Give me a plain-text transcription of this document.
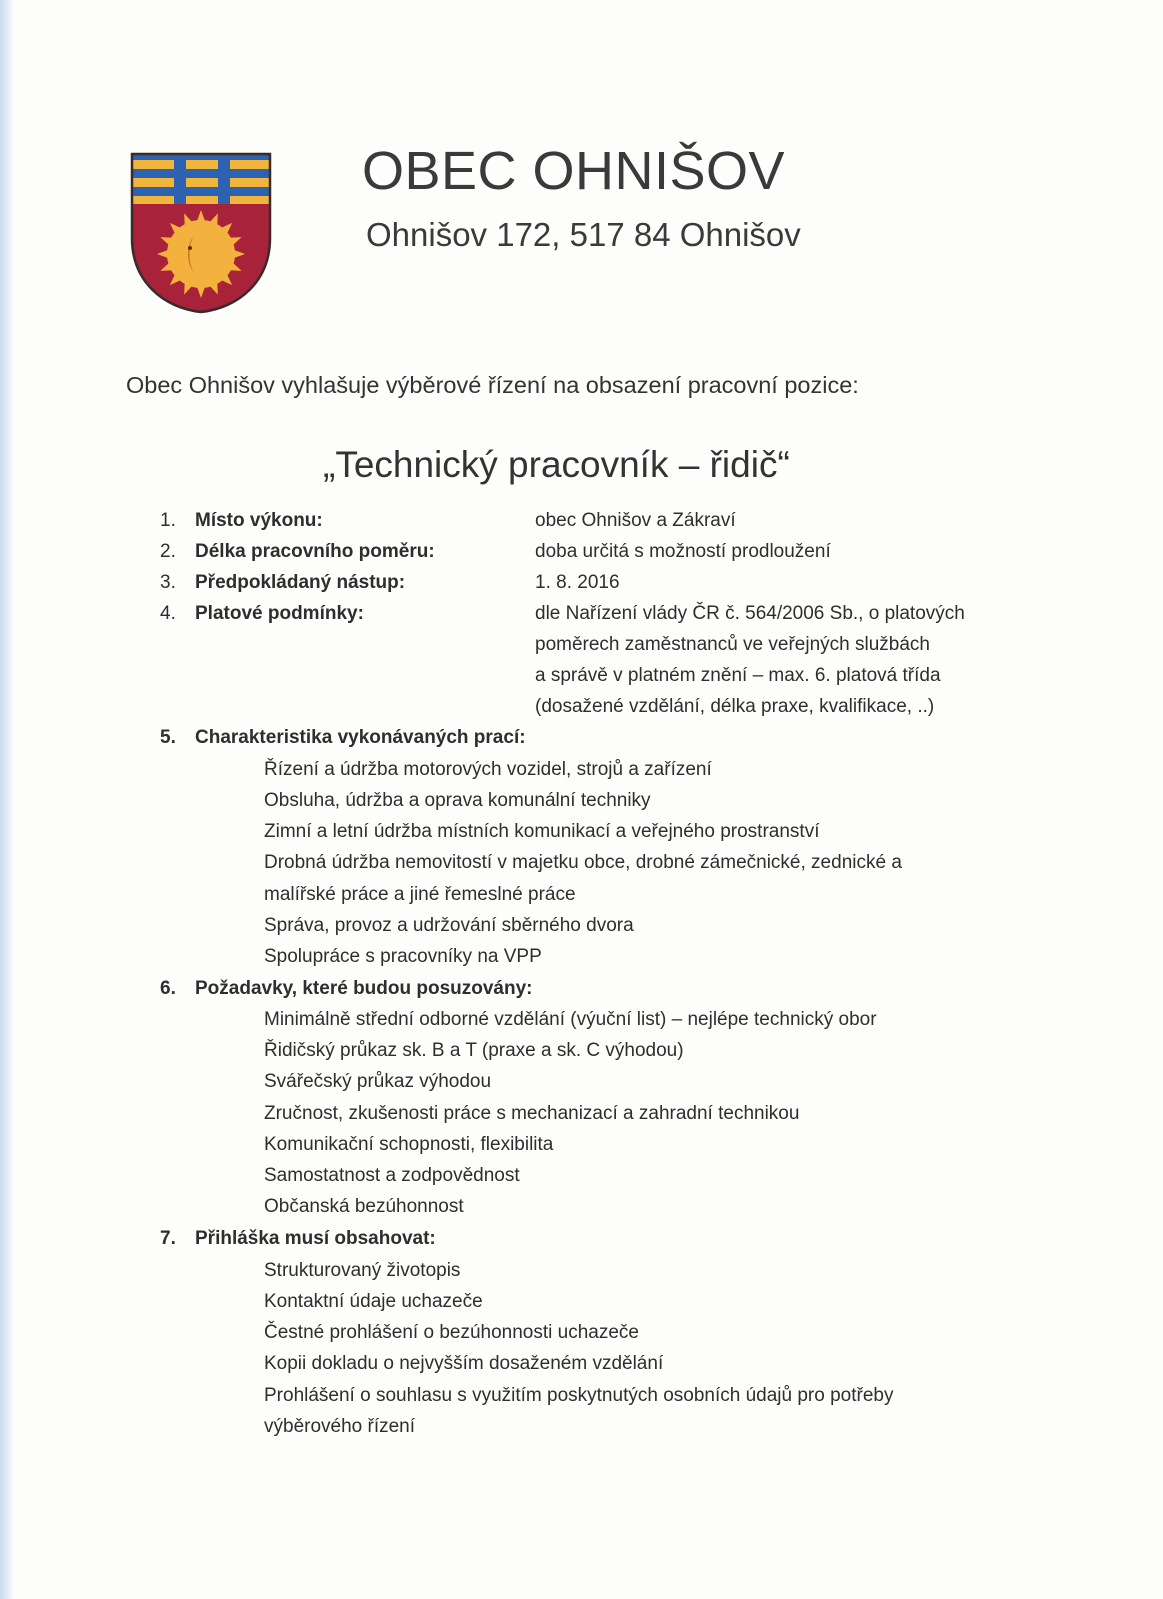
OBEC OHNIŠOV
Ohnišov 172, 517 84 Ohnišov
Obec Ohnišov vyhlašuje výběrové řízení na obsazení pracovní pozice:
„Technický pracovník – řidič“
1.	Místo výkonu:	obec Ohnišov a Zákraví
2.	Délka pracovního poměru:	doba určitá s možností prodloužení
3.	Předpokládaný nástup:	1. 8. 2016
4.	Platové podmínky:	dle Nařízení vlády ČR č. 564/2006 Sb., o platových
poměrech zaměstnanců ve veřejných službách
a správě v platném znění – max. 6. platová třída
(dosažené vzdělání, délka praxe, kvalifikace, ..)
5.	Charakteristika vykonávaných prací:
Řízení a údržba motorových vozidel, strojů a zařízení
Obsluha, údržba a oprava komunální techniky
Zimní a letní údržba místních komunikací a veřejného prostranství
Drobná údržba nemovitostí v majetku obce, drobné zámečnické, zednické a
malířské práce a jiné řemeslné práce
Správa, provoz a udržování sběrného dvora
Spolupráce s pracovníky na VPP
6.	Požadavky, které budou posuzovány:
Minimálně střední odborné vzdělání (výuční list) – nejlépe technický obor
Řidičský průkaz sk. B a T (praxe a sk. C výhodou)
Svářečský průkaz výhodou
Zručnost, zkušenosti práce s mechanizací a zahradní technikou
Komunikační schopnosti, flexibilita
Samostatnost a zodpovědnost
Občanská bezúhonnost
7.	Přihláška musí obsahovat:
Strukturovaný životopis
Kontaktní údaje uchazeče
Čestné prohlášení o bezúhonnosti uchazeče
Kopii dokladu o nejvyšším dosaženém vzdělání
Prohlášení o souhlasu s využitím poskytnutých osobních údajů pro potřeby
výběrového řízení
